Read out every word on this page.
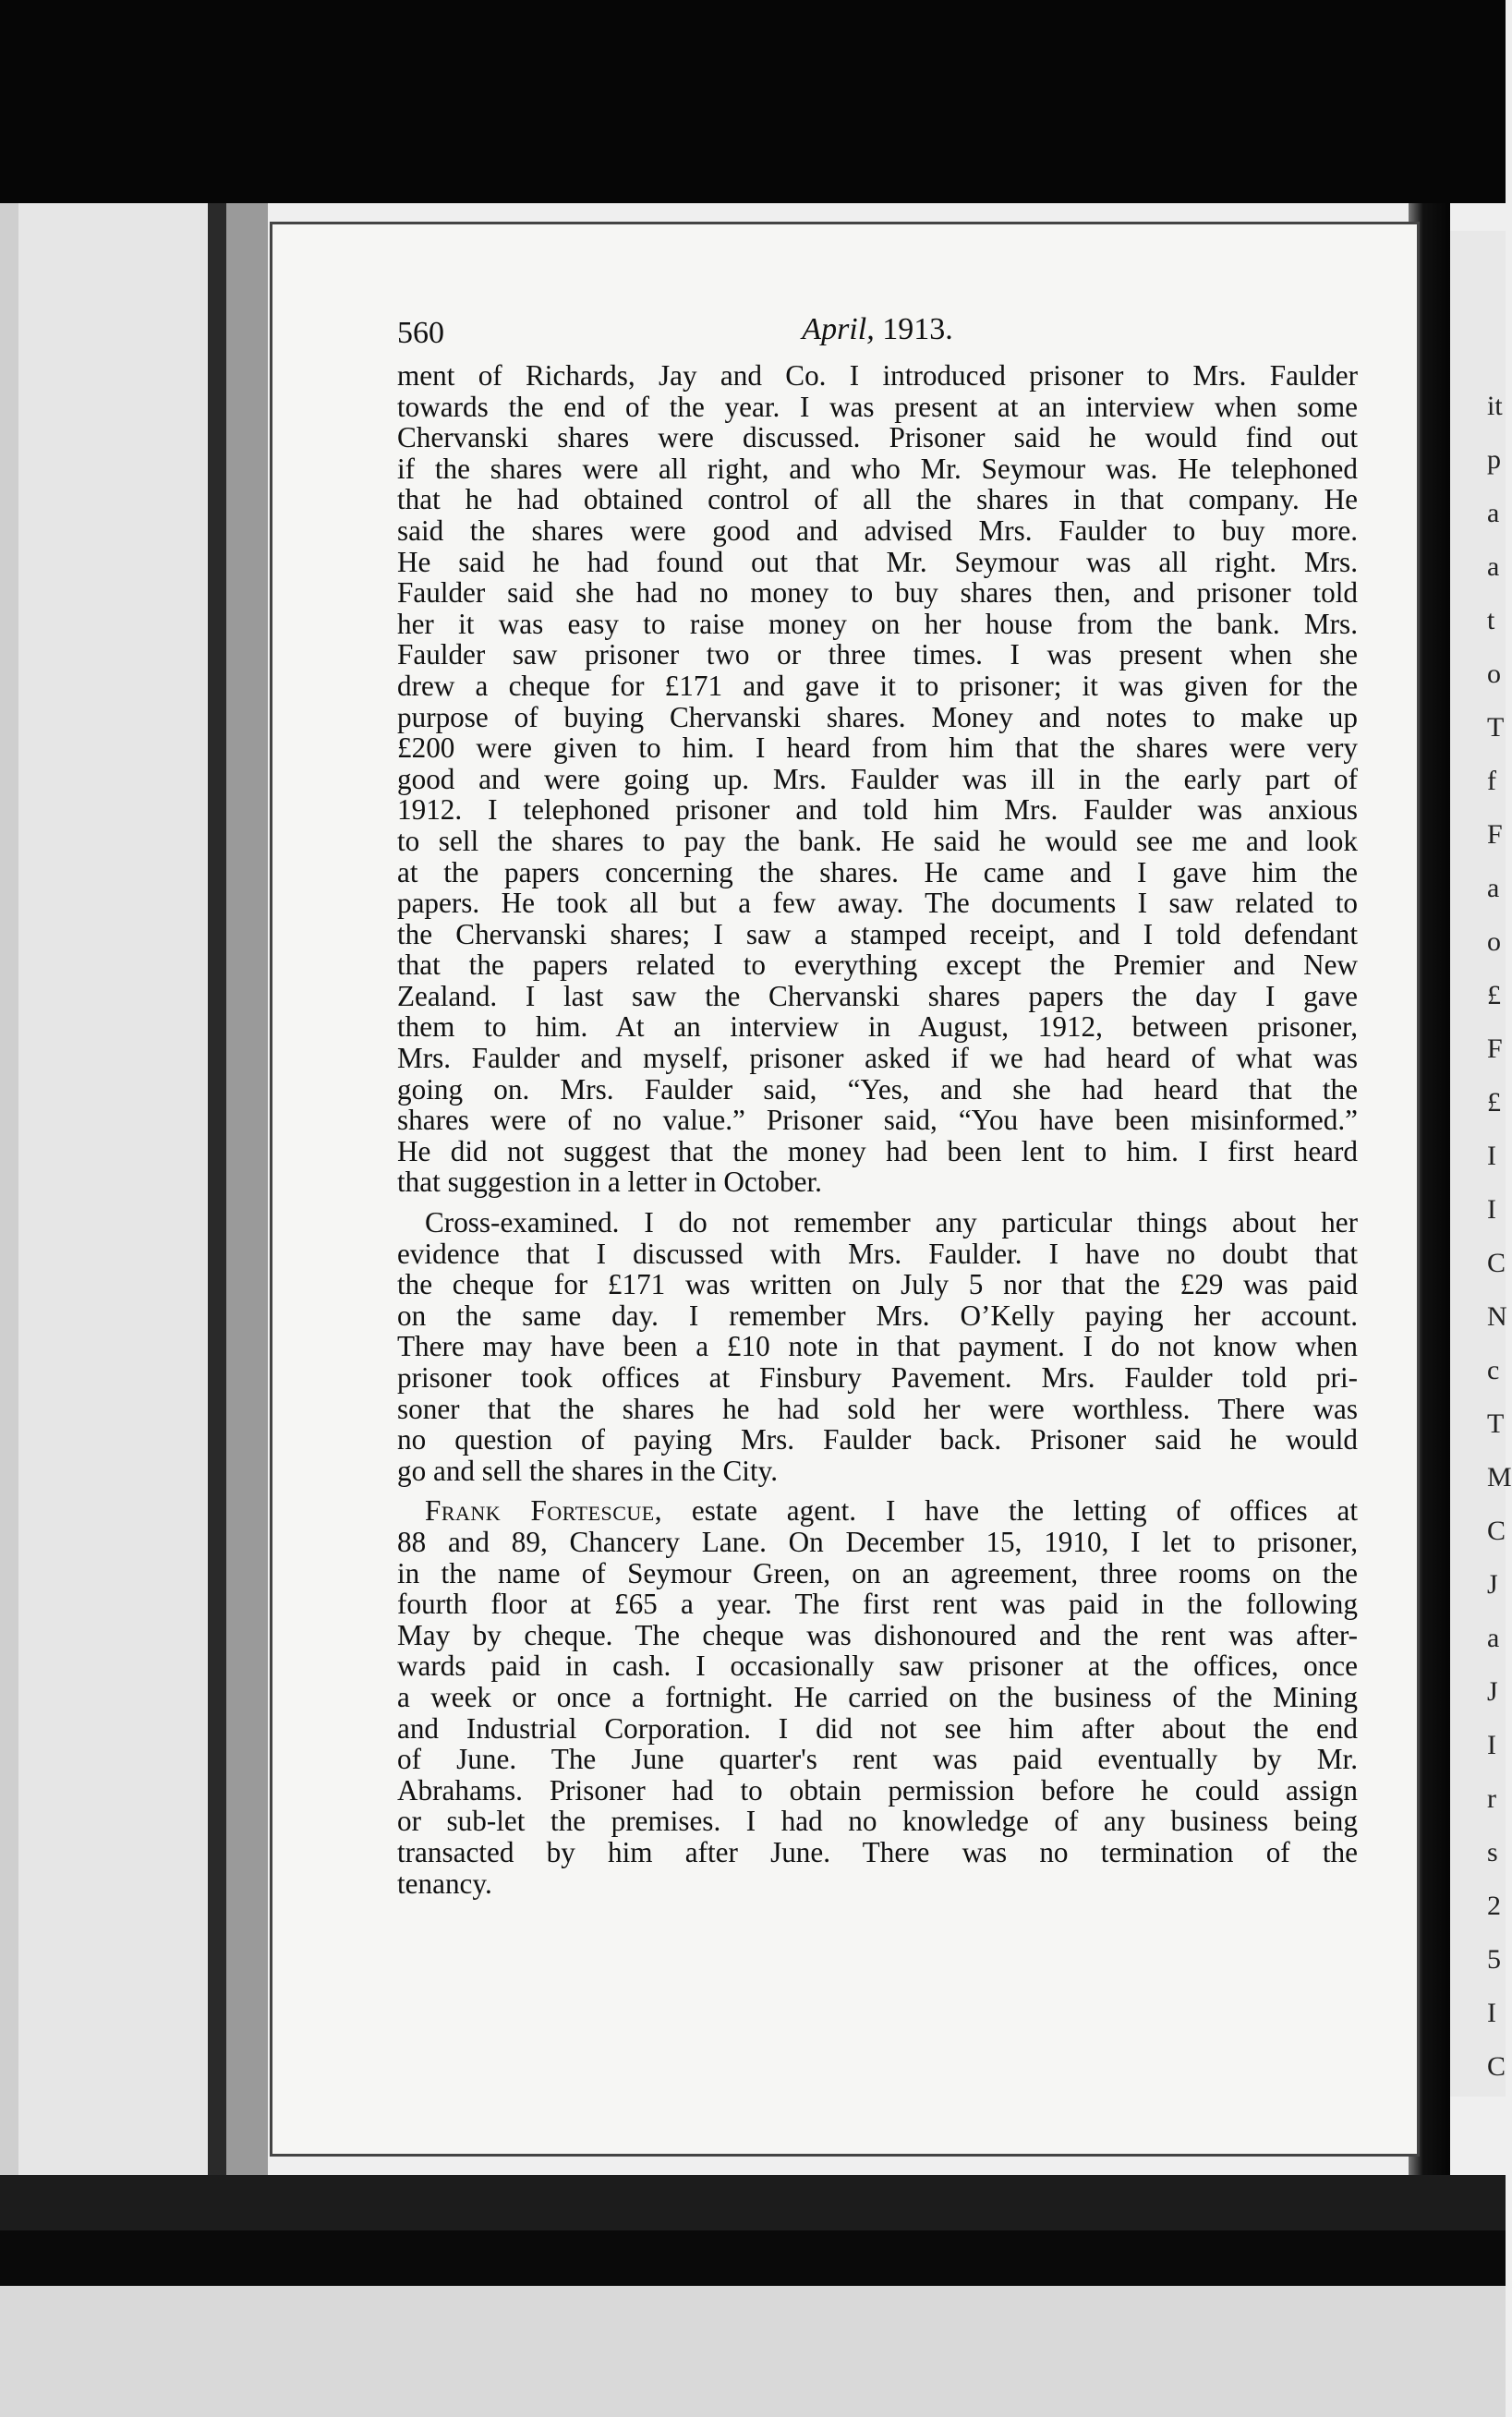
it
p
a
a
t
o
T
f
F
a
o
£
F
£
I
I
C
N
c
T
M
C
J
a
J
I
r
s
2
5
I
C
560	April, 1913.
ment of Richards, Jay and Co. I introduced prisoner to Mrs. Faulder
towards the end of the year. I was present at an interview when some
Chervanski shares were discussed. Prisoner said he would find out
if the shares were all right, and who Mr. Seymour was. He telephoned
that he had obtained control of all the shares in that company. He
said the shares were good and advised Mrs. Faulder to buy more.
He said he had found out that Mr. Seymour was all right. Mrs.
Faulder said she had no money to buy shares then, and prisoner told
her it was easy to raise money on her house from the bank. Mrs.
Faulder saw prisoner two or three times. I was present when she
drew a cheque for £171 and gave it to prisoner; it was given for the
purpose of buying Chervanski shares. Money and notes to make up
£200 were given to him. I heard from him that the shares were very
good and were going up. Mrs. Faulder was ill in the early part of
1912. I telephoned prisoner and told him Mrs. Faulder was anxious
to sell the shares to pay the bank. He said he would see me and look
at the papers concerning the shares. He came and I gave him the
papers. He took all but a few away. The documents I saw related to
the Chervanski shares; I saw a stamped receipt, and I told defendant
that the papers related to everything except the Premier and New
Zealand. I last saw the Chervanski shares papers the day I gave
them to him. At an interview in August, 1912, between prisoner,
Mrs. Faulder and myself, prisoner asked if we had heard of what was
going on. Mrs. Faulder said, “Yes, and she had heard that the
shares were of no value.” Prisoner said, “You have been misinformed.”
He did not suggest that the money had been lent to him. I first heard
that suggestion in a letter in October.
Cross-examined. I do not remember any particular things about her
evidence that I discussed with Mrs. Faulder. I have no doubt that
the cheque for £171 was written on July 5 nor that the £29 was paid
on the same day. I remember Mrs. O’Kelly paying her account.
There may have been a £10 note in that payment. I do not know when
prisoner took offices at Finsbury Pavement. Mrs. Faulder told pri-
soner that the shares he had sold her were worthless. There was
no question of paying Mrs. Faulder back. Prisoner said he would
go and sell the shares in the City.
Frank Fortescue, estate agent. I have the letting of offices at
88 and 89, Chancery Lane. On December 15, 1910, I let to prisoner,
in the name of Seymour Green, on an agreement, three rooms on the
fourth floor at £65 a year. The first rent was paid in the following
May by cheque. The cheque was dishonoured and the rent was after-
wards paid in cash. I occasionally saw prisoner at the offices, once
a week or once a fortnight. He carried on the business of the Mining
and Industrial Corporation. I did not see him after about the end
of June. The June quarter's rent was paid eventually by Mr.
Abrahams. Prisoner had to obtain permission before he could assign
or sub-let the premises. I had no knowledge of any business being
transacted by him after June. There was no termination of the
tenancy.
